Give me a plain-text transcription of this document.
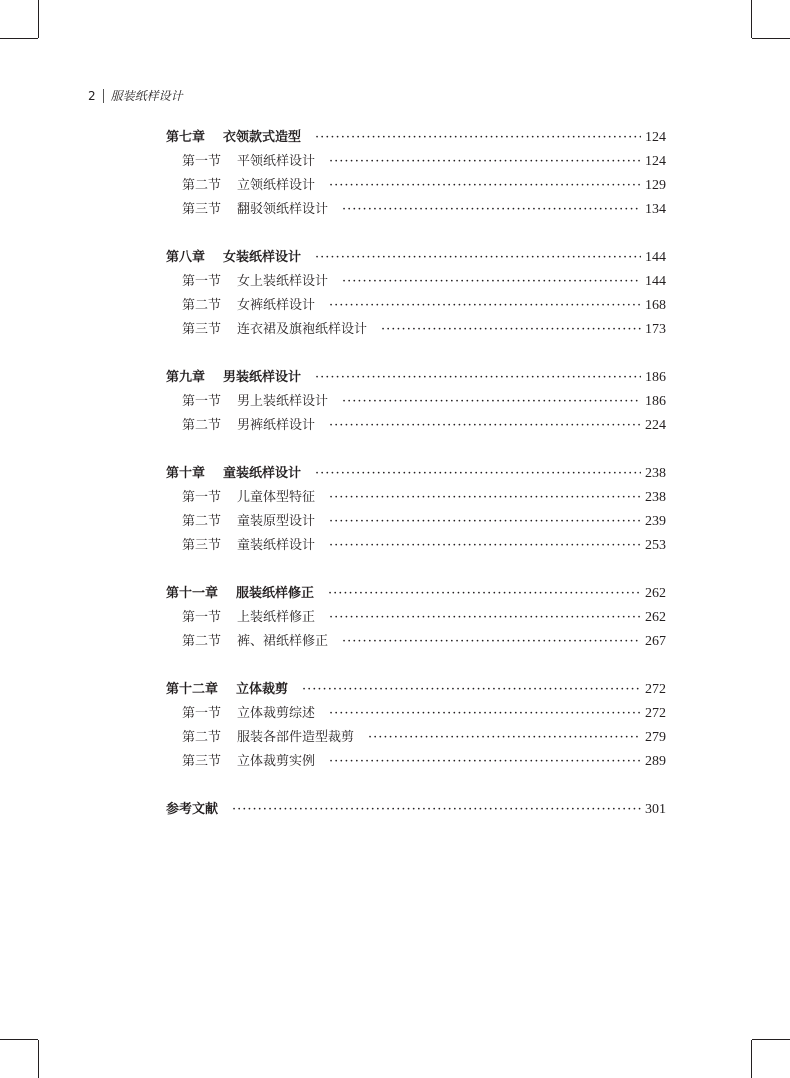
2 服装纸样设计
第七章 衣领款式造型 ·····	124
第一节 平领纸样设计 ·····	124
第二节 立领纸样设计 ·····	129
第三节 翻驳领纸样设计 ·····	134
第八章 女装纸样设计 ·····	144
第一节 女上装纸样设计 ·····	144
第二节 女裤纸样设计 ·····	168
第三节 连衣裙及旗袍纸样设计 ·····	173
第九章 男装纸样设计 ·····	186
第一节 男上装纸样设计 ·····	186
第二节 男裤纸样设计 ·····	224
第十章 童装纸样设计 ·····	238
第一节 儿童体型特征 ·····	238
第二节 童装原型设计 ·····	239
第三节 童装纸样设计 ·····	253
第十一章 服装纸样修正 ·····	262
第一节 上装纸样修正 ·····	262
第二节 裤、裙纸样修正 ·····	267
第十二章 立体裁剪 ·····	272
第一节 立体裁剪综述 ·····	272
第二节 服装各部件造型裁剪 ·····	279
第三节 立体裁剪实例 ·····	289
参考文献 ·····	301
